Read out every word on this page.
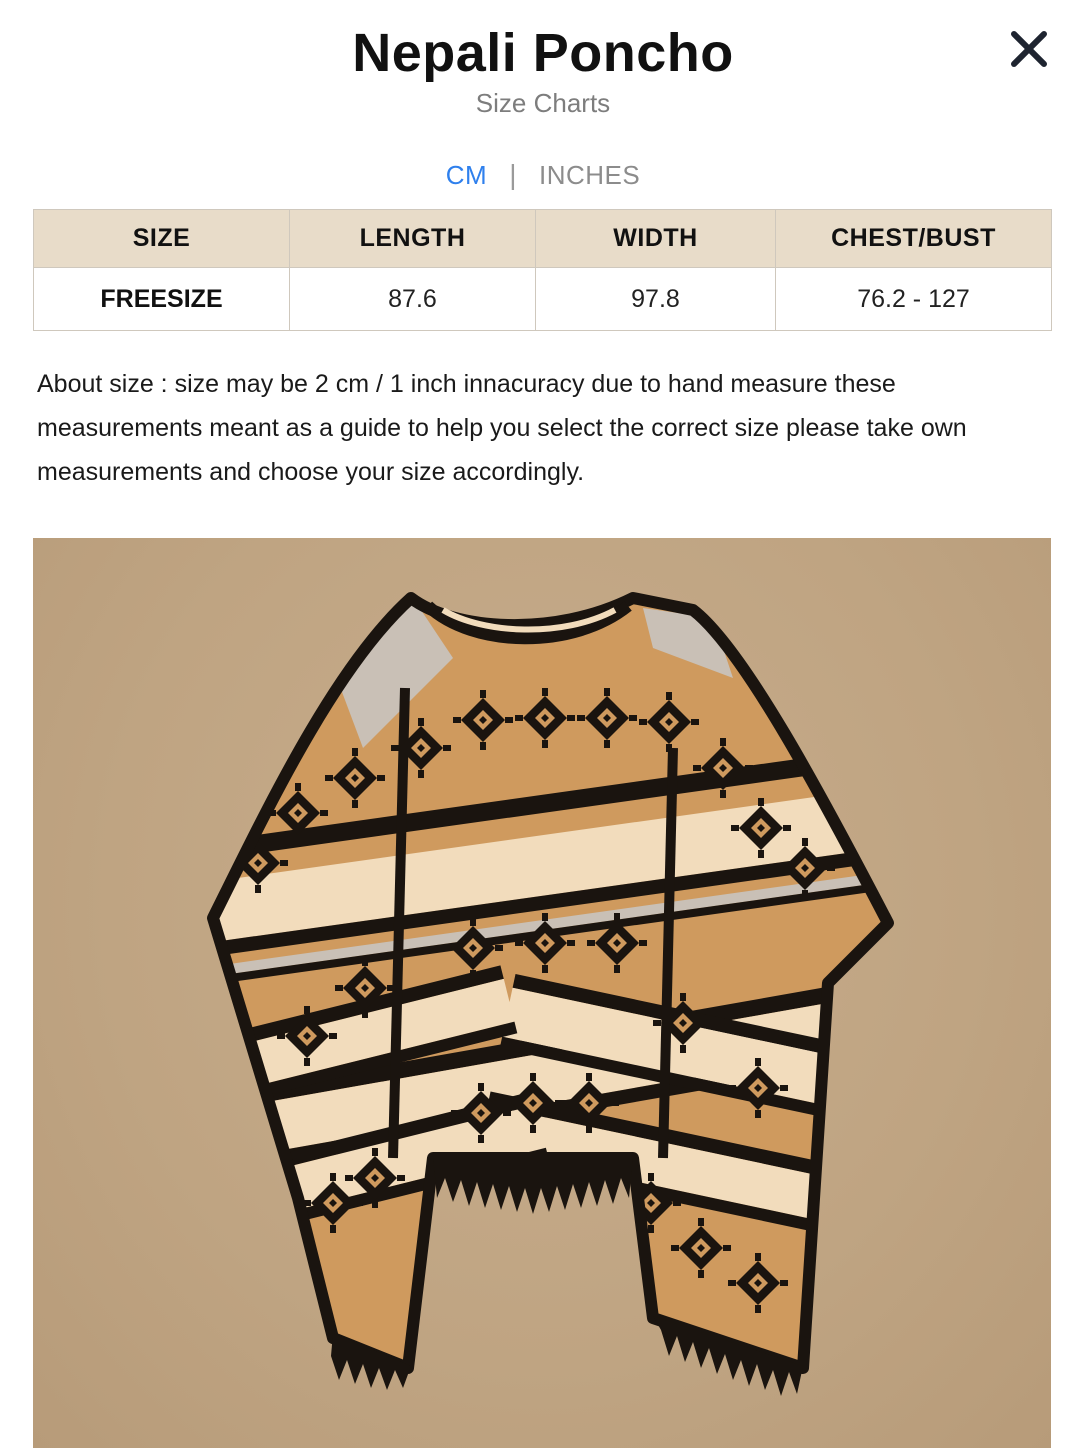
Nepali Poncho
Size Charts
CM | INCHES
SIZE	LENGTH	WIDTH	CHEST/BUST
FREESIZE	87.6	97.8	76.2 - 127
About size : size may be 2 cm / 1 inch innacuracy due to hand measure these measurements meant as a guide to help you select the correct size please take own measurements and choose your size accordingly.
